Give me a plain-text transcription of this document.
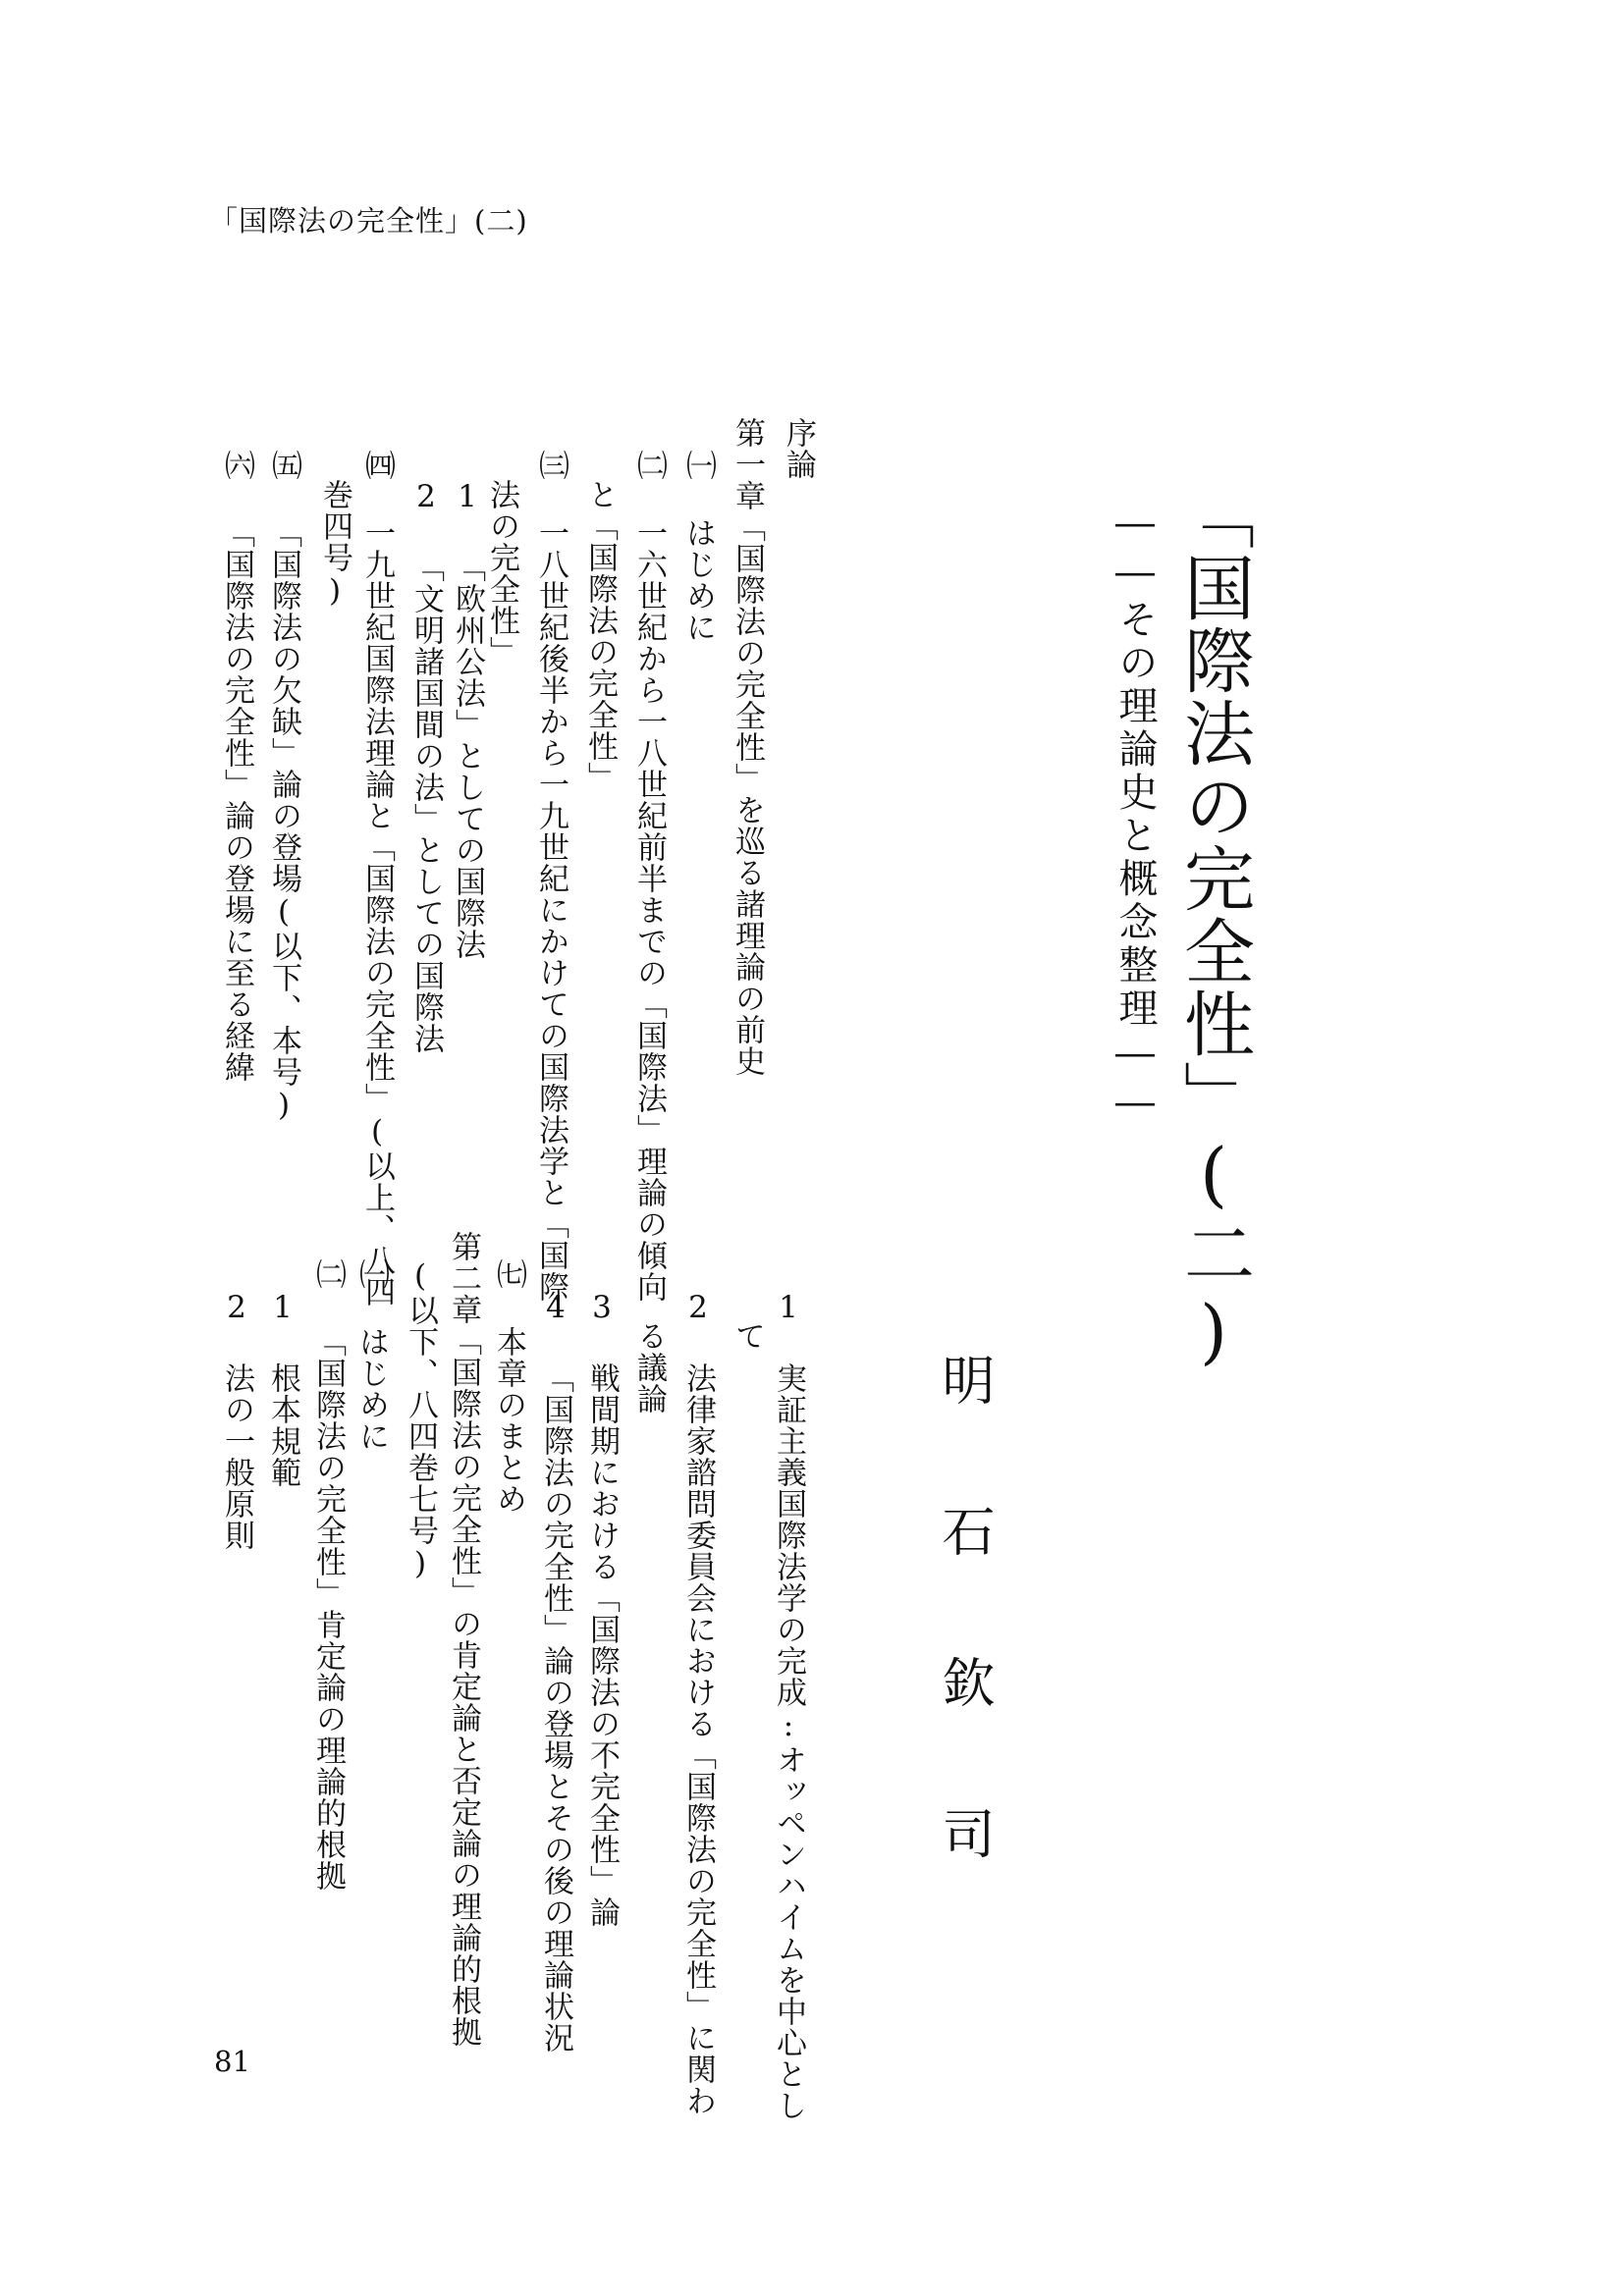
「国際法の完全性」(二)
「国際法の完全性」(二)
――その理論史と概念整理――
序論
第一章「国際法の完全性」を巡る諸理論の前史
㈠ はじめに
㈡ 一六世紀から一八世紀前半までの「国際法」理論の傾向
と「国際法の完全性」
㈢ 一八世紀後半から一九世紀にかけての国際法学と「国際
法の完全性」
1 「欧州公法」としての国際法
2 「文明諸国間の法」としての国際法
㈣ 一九世紀国際法理論と「国際法の完全性」(以上、八四
巻四号)
㈤ 「国際法の欠缺」論の登場(以下、本号)
㈥ 「国際法の完全性」論の登場に至る経緯
明石欽司
1 実証主義国際法学の完成:オッペンハイムを中心とし
て
2 法律家諮問委員会における「国際法の完全性」に関わ
る議論
3 戦間期における「国際法の不完全性」論
4 「国際法の完全性」論の登場とその後の理論状況
㈦ 本章のまとめ
第二章「国際法の完全性」の肯定論と否定論の理論的根拠
(以下、八四巻七号)
㈠ はじめに
㈡ 「国際法の完全性」肯定論の理論的根拠
1 根本規範
2 法の一般原則
81
